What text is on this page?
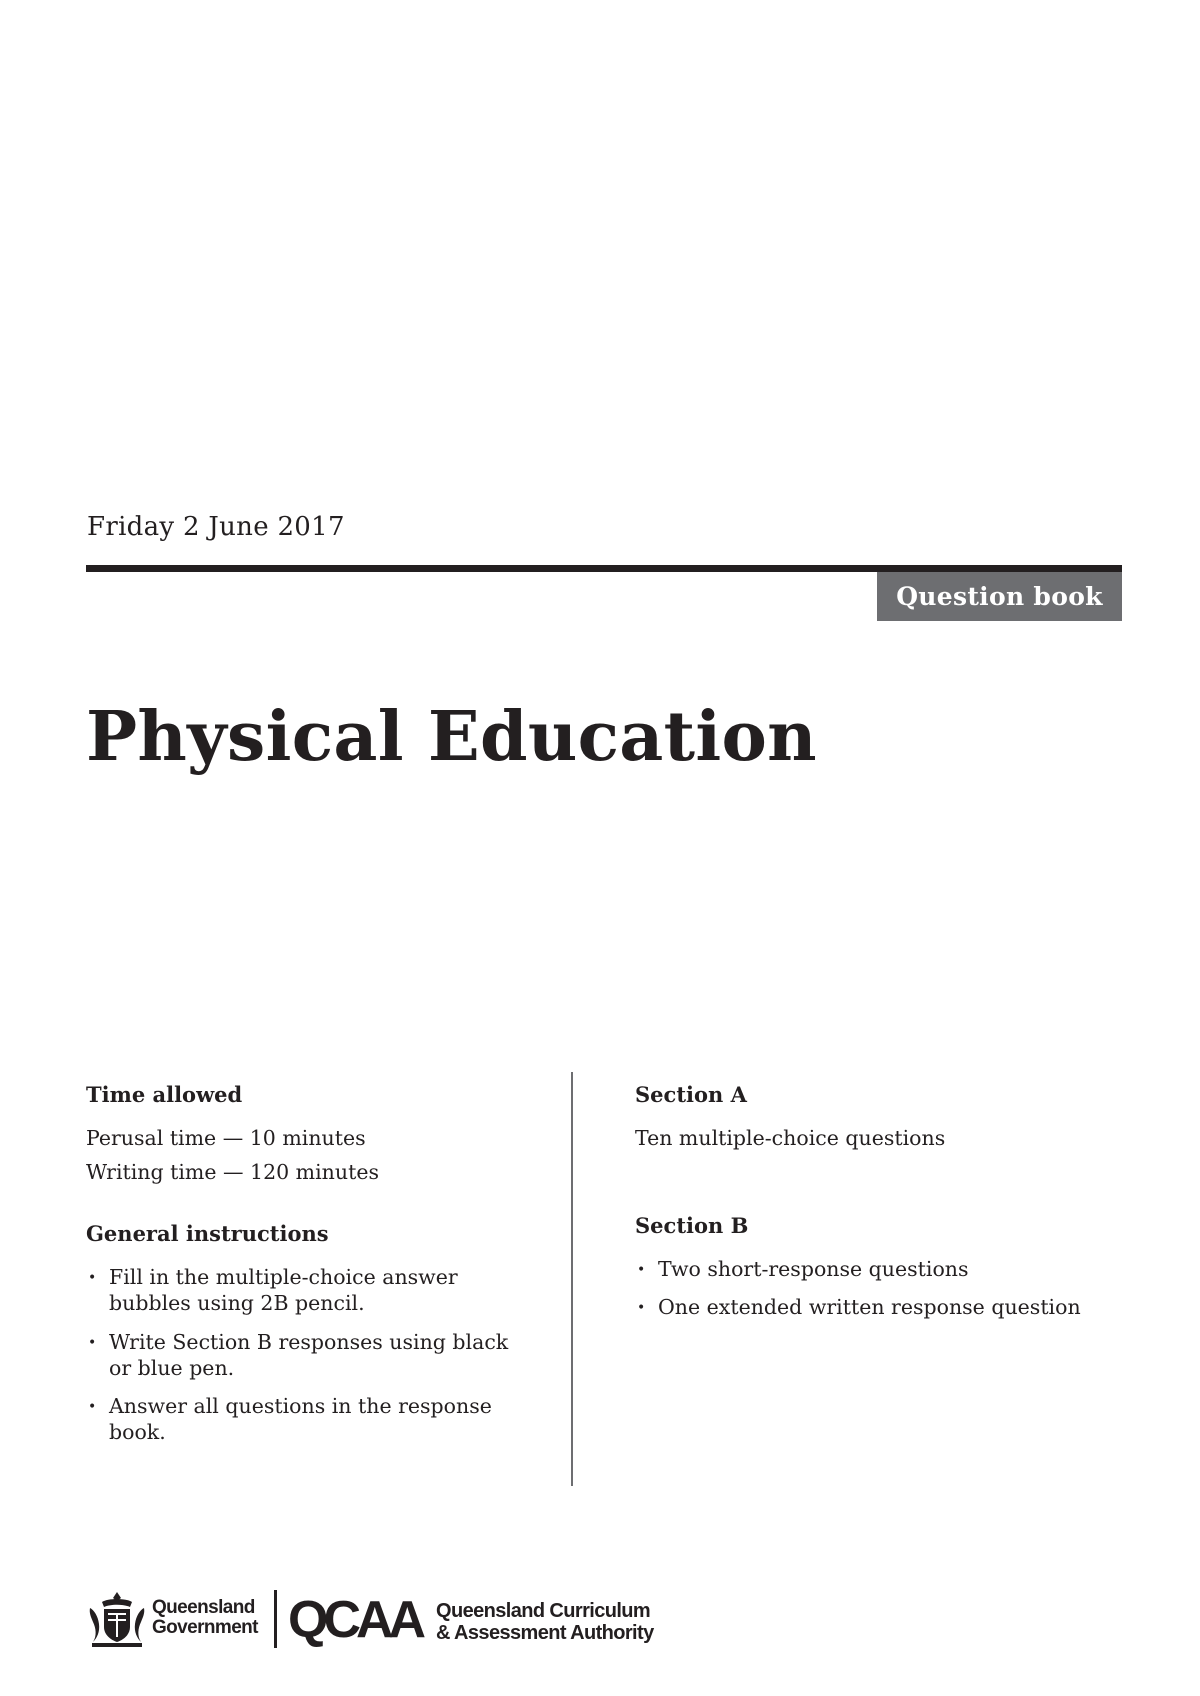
Friday 2 June 2017
Question book
Physical Education
Time allowed

Perusal time — 10 minutes

Writing time — 120 minutes

General instructions
• Fill in the multiple-choice answer bubbles using 2B pencil.
• Write Section B responses using black or blue pen.
• Answer all questions in the response book.
Section A

Ten multiple-choice questions

Section B
• Two short-response questions
• One extended written response question
Queensland
Government QCAA Queensland Curriculum
& Assessment Authority
